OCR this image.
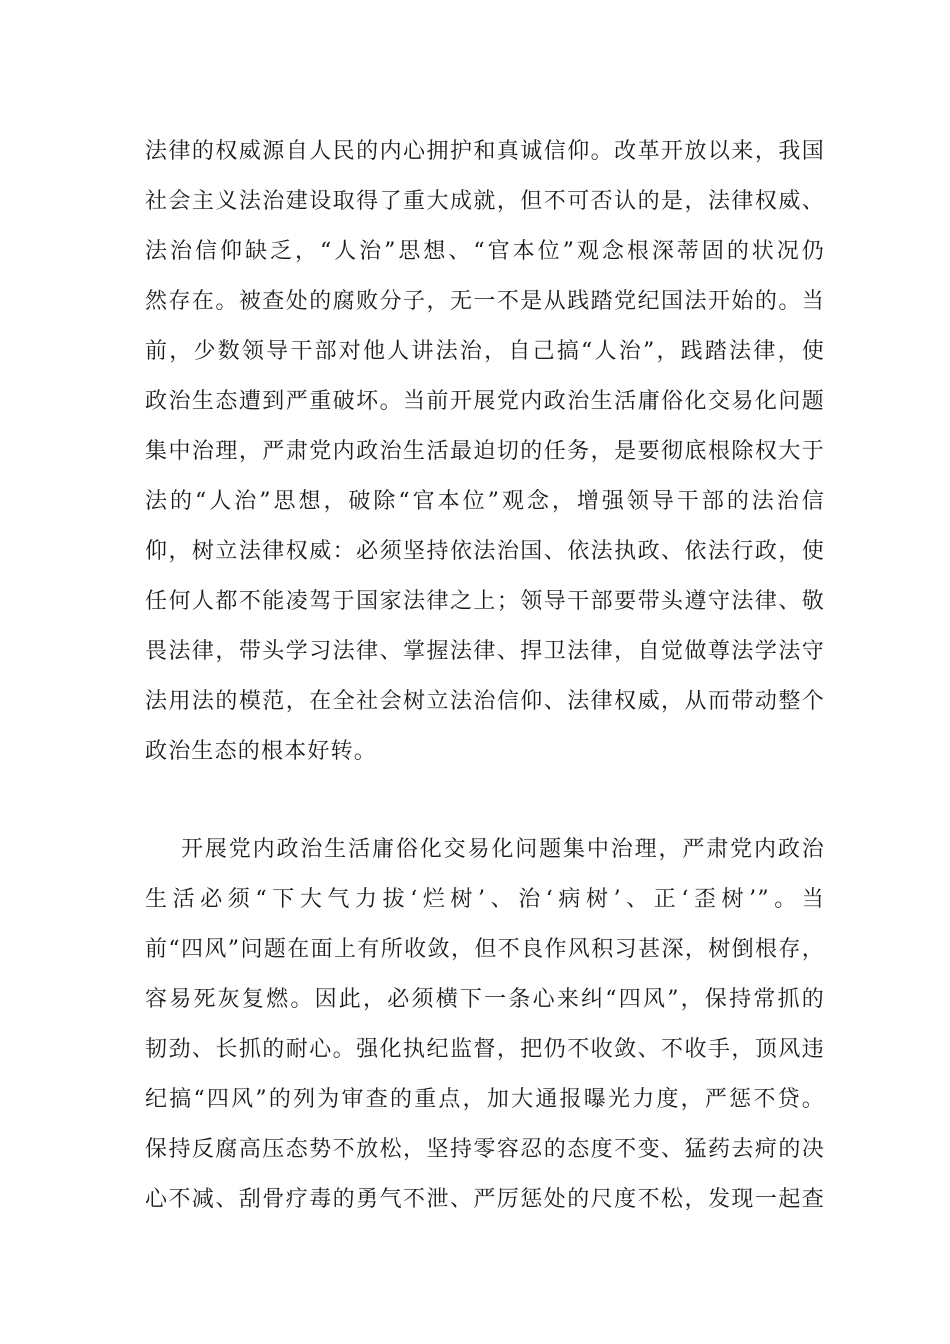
法律的权威源自人民的内心拥护和真诚信仰。改革开放以来，我国
社会主义法治建设取得了重大成就，但不可否认的是，法律权威、
法治信仰缺乏，“人治”思想、“官本位”观念根深蒂固的状况仍
然存在。被查处的腐败分子，无一不是从践踏党纪国法开始的。当
前，少数领导干部对他人讲法治，自己搞“人治”，践踏法律，使
政治生态遭到严重破坏。当前开展党内政治生活庸俗化交易化问题
集中治理，严肃党内政治生活最迫切的任务，是要彻底根除权大于
法的“人治”思想，破除“官本位”观念，增强领导干部的法治信
仰，树立法律权威：必须坚持依法治国、依法执政、依法行政，使
任何人都不能凌驾于国家法律之上；领导干部要带头遵守法律、敬
畏法律，带头学习法律、掌握法律、捍卫法律，自觉做尊法学法守
法用法的模范，在全社会树立法治信仰、法律权威，从而带动整个
政治生态的根本好转。
开展党内政治生活庸俗化交易化问题集中治理，严肃党内政治
生活必须“下大气力拔‘烂树’、治‘病树’、正‘歪树’”。当
前“四风”问题在面上有所收敛，但不良作风积习甚深，树倒根存，
容易死灰复燃。因此，必须横下一条心来纠“四风”，保持常抓的
韧劲、长抓的耐心。强化执纪监督，把仍不收敛、不收手，顶风违
纪搞“四风”的列为审查的重点，加大通报曝光力度，严惩不贷。
保持反腐高压态势不放松，坚持零容忍的态度不变、猛药去疴的决
心不减、刮骨疗毒的勇气不泄、严厉惩处的尺度不松，发现一起查
